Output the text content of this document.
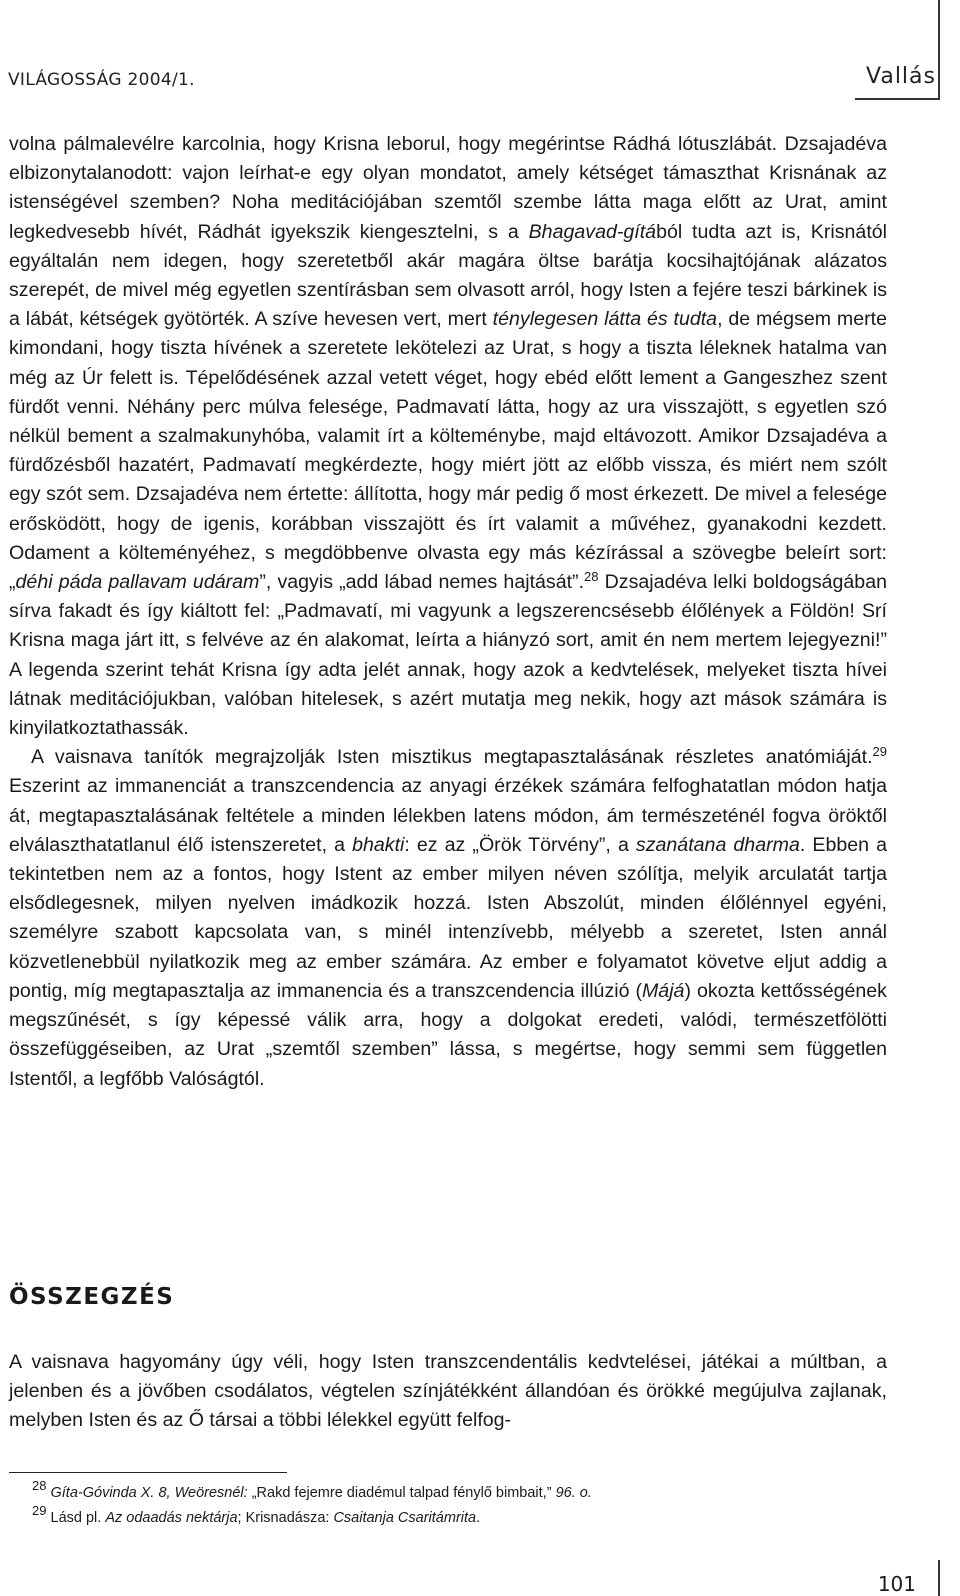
VILÁGOSSÁG 2004/1.	Vallás

volna pálmalevélre karcolnia, hogy Krisna leborul, hogy megérintse Rádhá lótuszlábát. Dzsajadéva elbizonytalanodott: vajon leírhat-e egy olyan mondatot, amely kétséget támaszthat Krisnának az istenségével szemben? Noha meditációjában szemtől szembe látta maga előtt az Urat, amint legkedvesebb hívét, Rádhát igyekszik kiengesztelni, s a Bhagavad-gítából tudta azt is, Krisnától egyáltalán nem idegen, hogy szeretetből akár magára öltse barátja kocsihajtójának alázatos szerepét, de mivel még egyetlen szentírásban sem olvasott arról, hogy Isten a fejére teszi bárkinek is a lábát, kétségek gyötörték. A szíve hevesen vert, mert ténylegesen látta és tudta, de mégsem merte kimondani, hogy tiszta hívének a szeretete lekötelezi az Urat, s hogy a tiszta léleknek hatalma van még az Úr felett is. Tépelődésének azzal vetett véget, hogy ebéd előtt lement a Gangeszhez szent fürdőt venni. Néhány perc múlva felesége, Padmavatí látta, hogy az ura visszajött, s egyetlen szó nélkül bement a szalmakunyhóba, valamit írt a költeménybe, majd eltávozott. Amikor Dzsajadéva a fürdőzésből hazatért, Padmavatí megkérdezte, hogy miért jött az előbb vissza, és miért nem szólt egy szót sem. Dzsajadéva nem értette: állította, hogy már pedig ő most érkezett. De mivel a felesége erősködött, hogy de igenis, korábban visszajött és írt valamit a művéhez, gyanakodni kezdett. Odament a költeményéhez, s megdöbbenve olvasta egy más kézírással a szövegbe beleírt sort: „déhi páda pallavam udáram”, vagyis „add lábad nemes hajtását”.$^{28}$ Dzsajadéva lelki boldogságában sírva fakadt és így kiáltott fel: „Padmavatí, mi vagyunk a legszerencsésebb élőlények a Földön! Srí Krisna maga járt itt, s felvéve az én alakomat, leírta a hiányzó sort, amit én nem mertem lejegyezni!” A legenda szerint tehát Krisna így adta jelét annak, hogy azok a kedvtelések, melyeket tiszta hívei látnak meditációjukban, valóban hitelesek, s azért mutatja meg nekik, hogy azt mások számára is kinyilatkoztathassák.

A vaisnava tanítók megrajzolják Isten misztikus megtapasztalásának részletes anatómiáját.$^{29}$ Eszerint az immanenciát a transzcendencia az anyagi érzékek számára felfoghatatlan módon hatja át, megtapasztalásának feltétele a minden lélekben latens módon, ám természeténél fogva öröktől elválaszthatatlanul élő istenszeretet, a bhakti: ez az „Örök Törvény”, a szanátana dharma. Ebben a tekintetben nem az a fontos, hogy Istent az ember milyen néven szólítja, melyik arculatát tartja elsődlegesnek, milyen nyelven imádkozik hozzá. Isten Abszolút, minden élőlénnyel egyéni, személyre szabott kapcsolata van, s minél intenzívebb, mélyebb a szeretet, Isten annál közvetlenebbül nyilatkozik meg az ember számára. Az ember e folyamatot követve eljut addig a pontig, míg megtapasztalja az immanencia és a transzcendencia illúzió (Májá) okozta kettősségének megszűnését, s így képessé válik arra, hogy a dolgokat eredeti, valódi, természetfölötti összefüggéseiben, az Urat „szemtől szemben” lássa, s megértse, hogy semmi sem független Istentől, a legfőbb Valóságtól.

ÖSSZEGZÉS

A vaisnava hagyomány úgy véli, hogy Isten transzcendentális kedvtelései, játékai a múltban, a jelenben és a jövőben csodálatos, végtelen színjátékként állandóan és örökké megújulva zajlanak, melyben Isten és az Ő társai a többi lélekkel együtt felfog-

$^{28}$ Gíta-Góvinda X. 8, Weöresnél: „Rakd fejemre diadémul talpad fénylő bimbait,” 96. o.
$^{29}$ Lásd pl. Az odaadás nektárja; Krisnadásza: Csaitanja Csaritámrita.
101
